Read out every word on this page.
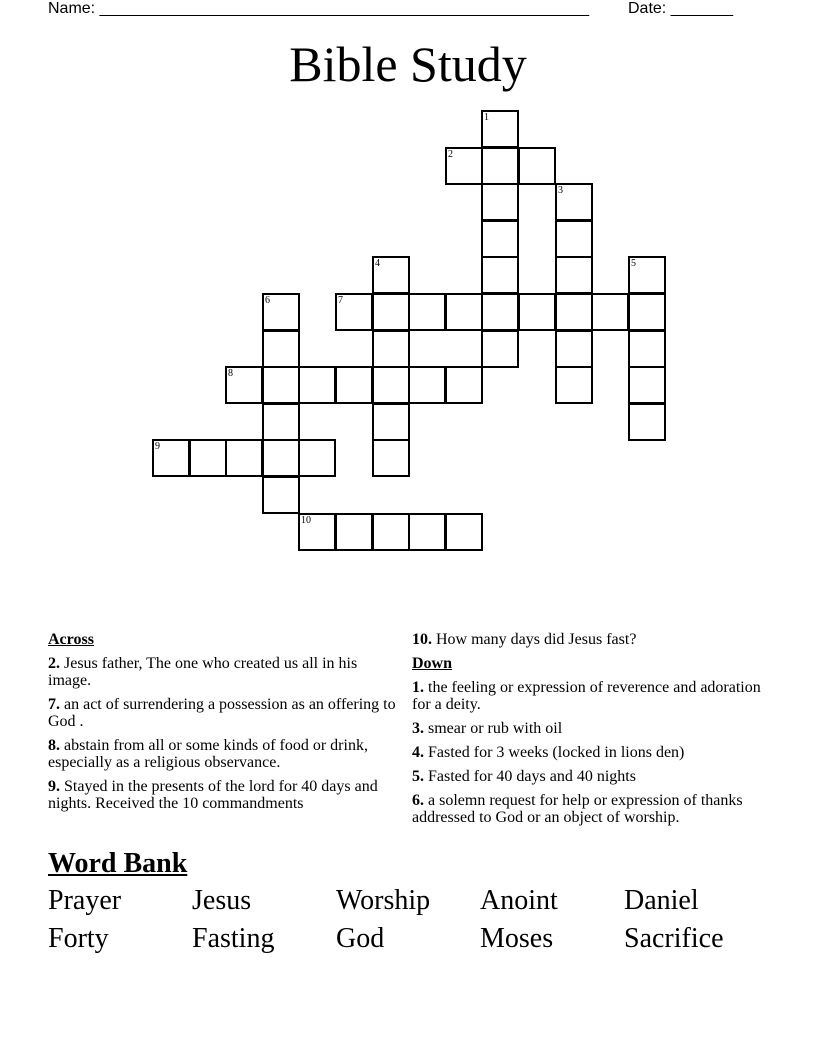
Name: _______________________________________________________ Date: _______
Bible Study
1
2
3
4	5
6	7
8
9
10
Across
2. Jesus father, The one who created us all in his image.
7. an act of surrendering a possession as an offering to God .
8. abstain from all or some kinds of food or drink, especially as a religious observance.
9. Stayed in the presents of the lord for 40 days and nights. Received the 10 commandments
10. How many days did Jesus fast?
Down
1. the feeling or expression of reverence and adoration for a deity.
3. smear or rub with oil
4. Fasted for 3 weeks (locked in lions den)
5. Fasted for 40 days and 40 nights
6. a solemn request for help or expression of thanks addressed to God or an object of worship.
Word Bank
Prayer	Jesus	Worship	Anoint	Daniel
Forty	Fasting	God	Moses	Sacrifice
